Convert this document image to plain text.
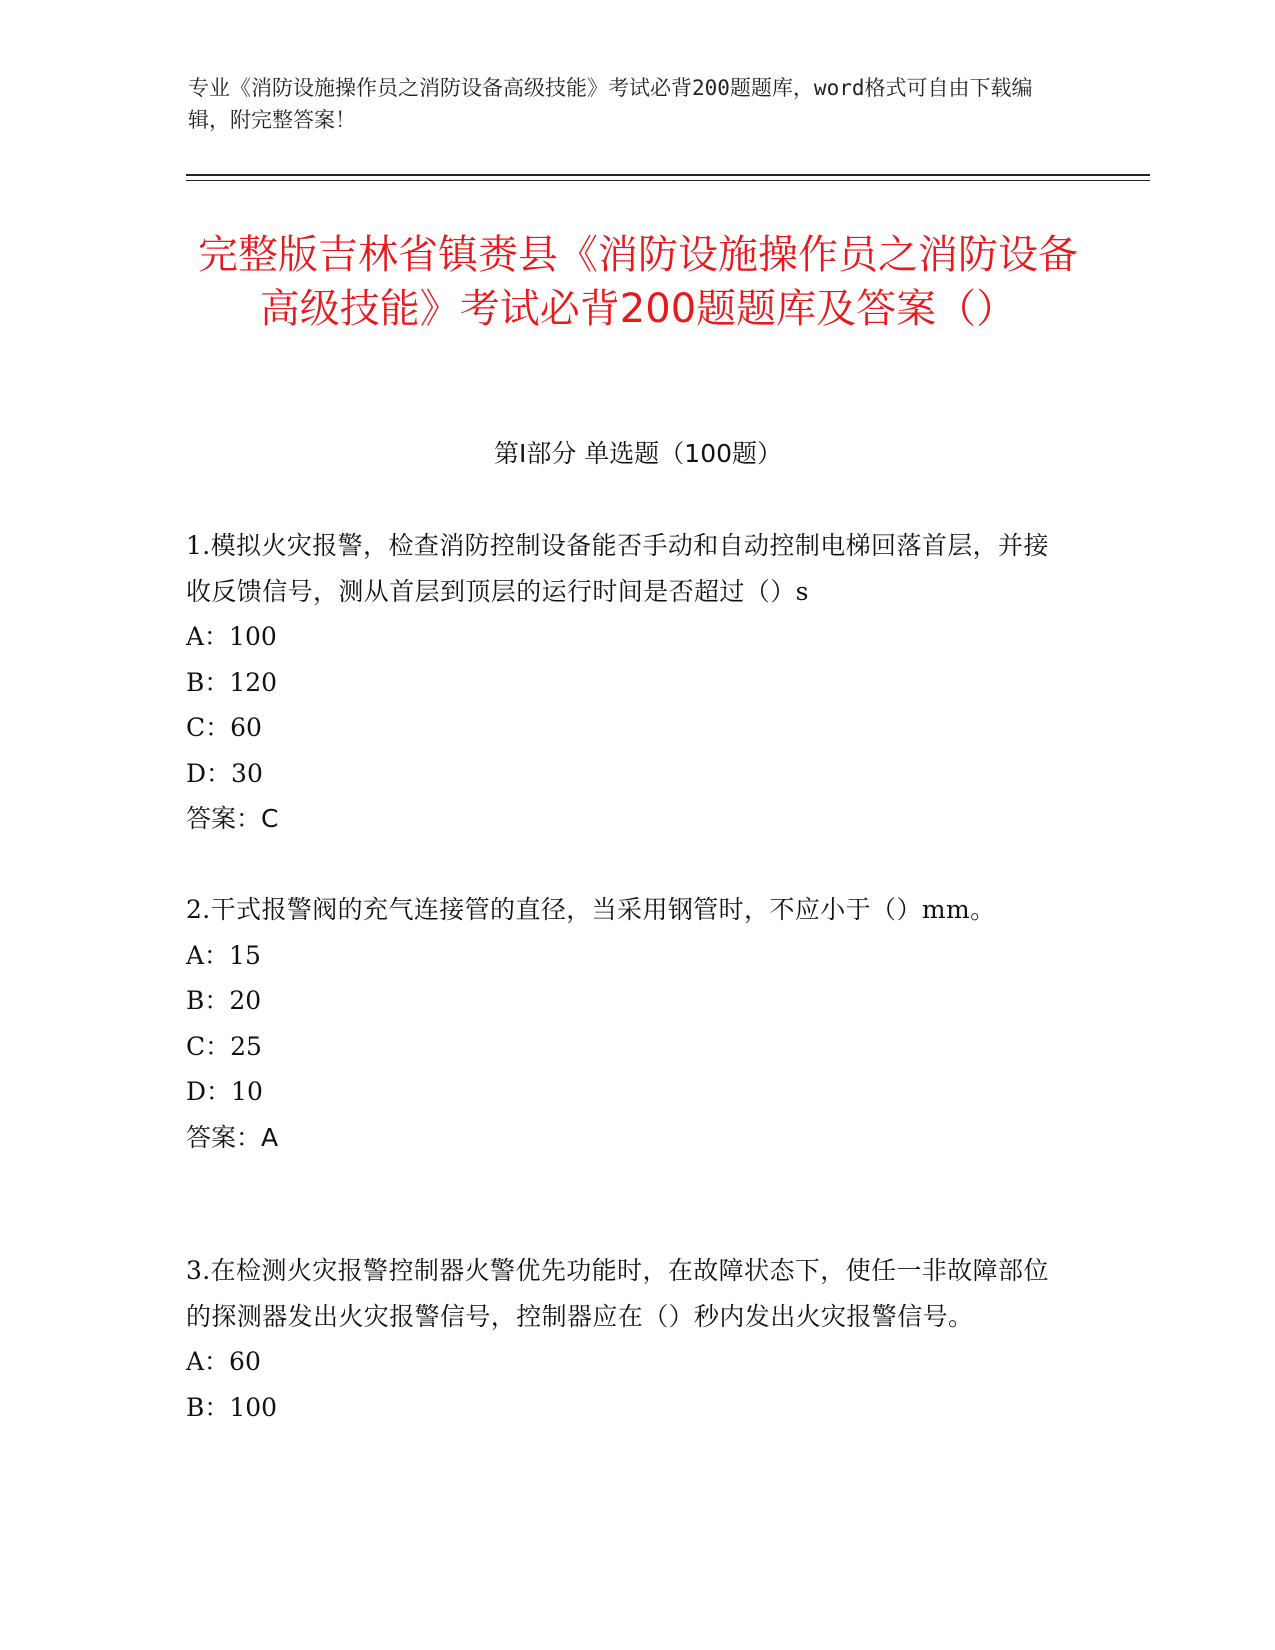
专业《消防设施操作员之消防设备高级技能》考试必背200题题库，word格式可自由下载编辑，附完整答案！

完整版吉林省镇赉县《消防设施操作员之消防设备高级技能》考试必背200题题库及答案（）
第Ⅰ部分 单选题（100题）

1.模拟火灾报警，检查消防控制设备能否手动和自动控制电梯回落首层，并接收反馈信号，测从首层到顶层的运行时间是否超过（）s

A：100

B：120

C：60

D：30

答案：C

2.干式报警阀的充气连接管的直径，当采用钢管时，不应小于（）mm。

A：15

B：20

C：25

D：10

答案：A

3.在检测火灾报警控制器火警优先功能时，在故障状态下，使任一非故障部位的探测器发出火灾报警信号，控制器应在（）秒内发出火灾报警信号。

A：60

B：100
